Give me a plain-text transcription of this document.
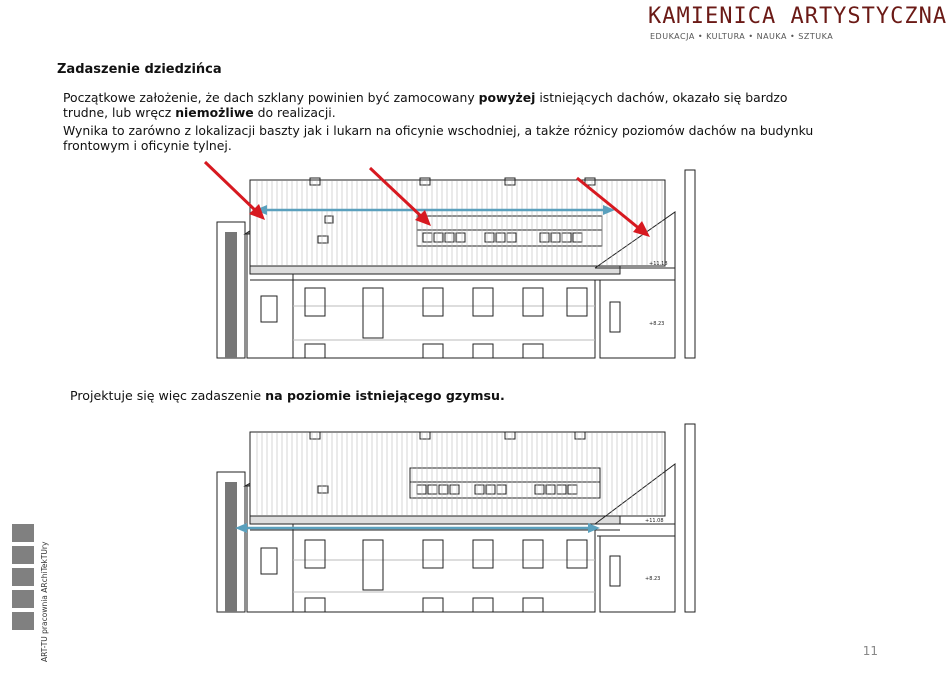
KAMIENICA ARTYSTYCZNA
EDUKACJA • KULTURA • NAUKA • SZTUKA
Zadaszenie dziedzińca
Początkowe założenie, że dach szklany powinien być zamocowany powyżej istniejących dachów, okazało się bardzo trudne, lub wręcz niemożliwe do realizacji.
Wynika to zarówno z lokalizacji baszty jak i lukarn na oficynie wschodniej, a także różnicy poziomów dachów na budynku frontowym i oficynie tylnej.
+11.18
+8.23
Projektuje się więc zadaszenie na poziomie istniejącego gzymsu.
+11.08
+8.23
ART-TU pracownia ARchiTekTUry	11
